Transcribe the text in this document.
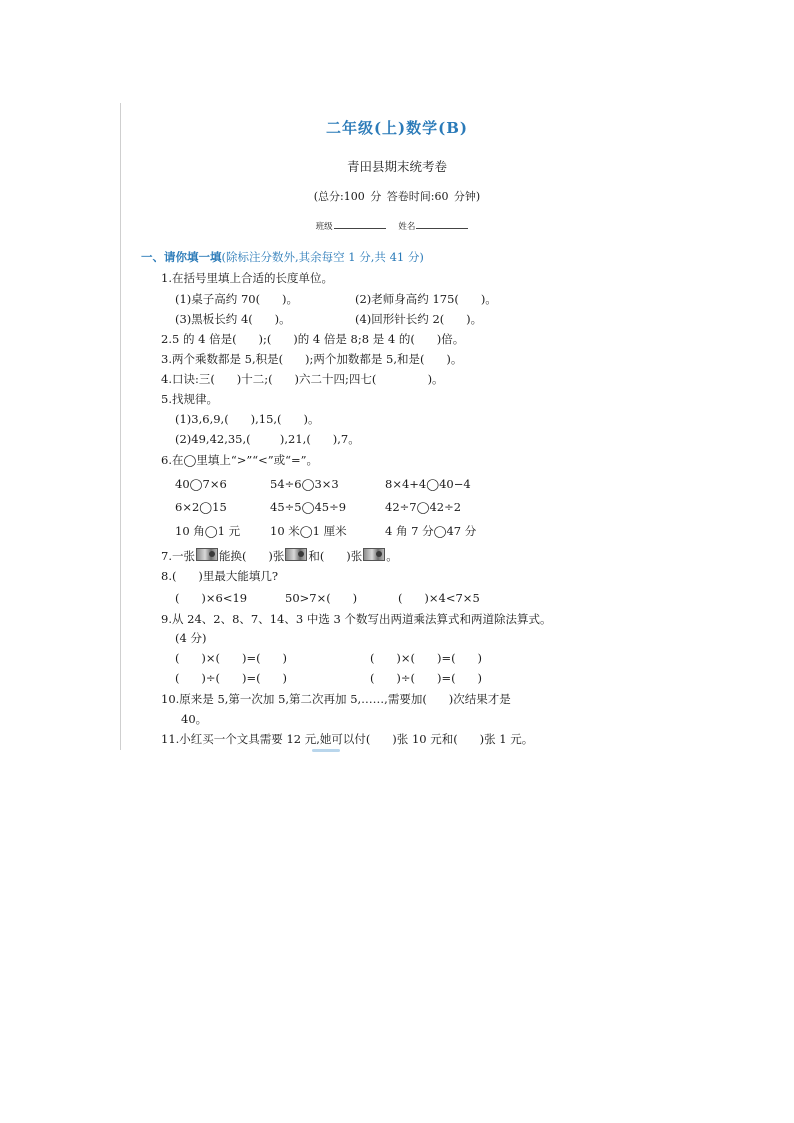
二年级(上)数学(B)
青田县期末统考卷
(总分:100 分 答卷时间:60 分钟)
班级	姓名
一、请你填一填(除标注分数外,其余每空 1 分,共 41 分)
1.在括号里填上合适的长度单位。
(1)桌子高约 70(      )。	(2)老师身高约 175(      )。
(3)黑板长约 4(      )。	(4)回形针长约 2(      )。
2.5 的 4 倍是(      );(      )的 4 倍是 8;8 是 4 的(      )倍。
3.两个乘数都是 5,积是(      );两个加数都是 5,和是(      )。
4.口诀:三(      )十二;(      )六二十四;四七(              )。
5.找规律。
(1)3,6,9,(      ),15,(      )。
(2)49,42,35,(        ),21,(      ),7。
6.在◯里填上“>”“<”或“=”。
40◯7×6	54÷6◯3×3	8×4+4◯40−4
6×2◯15	45÷5◯45÷9	42÷7◯42÷2
10 角◯1 元	10 米◯1 厘米	4 角 7 分◯47 分
7.一张 能换(      )张 和(      )张 。
8.(      )里最大能填几?
(      )×6<19	50>7×(      )	(      )×4<7×5
9.从 24、2、8、7、14、3 中选 3 个数写出两道乘法算式和两道除法算式。
(4 分)
(      )×(      )=(      )	(      )×(      )=(      )
(      )÷(      )=(      )	(      )÷(      )=(      )
10.原来是 5,第一次加 5,第二次再加 5,……,需要加(      )次结果才是
40。
11.小红买一个文具需要 12 元,她可以付(      )张 10 元和(      )张 1 元。
